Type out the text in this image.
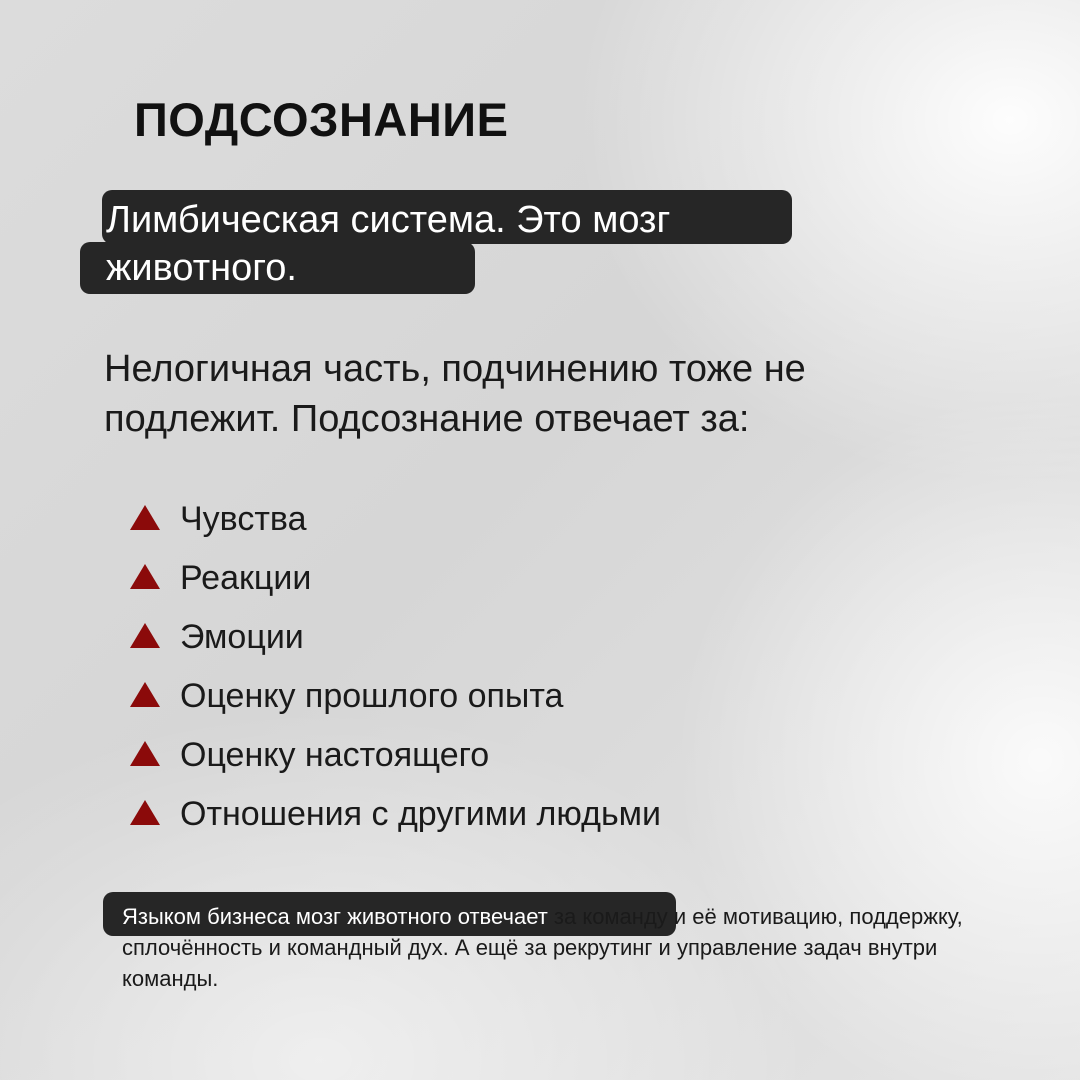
ПОДСОЗНАНИЕ

Лимбическая система. Это мозг животного.

Нелогичная часть, подчинению тоже не подлежит. Подсознание отвечает за:

Чувства
Реакции
Эмоции
Оценку прошлого опыта
Оценку настоящего
Отношения с другими людьми

Языком бизнеса мозг животного отвечает за команду и её мотивацию, поддержку, сплочённость и командный дух. А ещё за рекрутинг и управление задач внутри команды.
